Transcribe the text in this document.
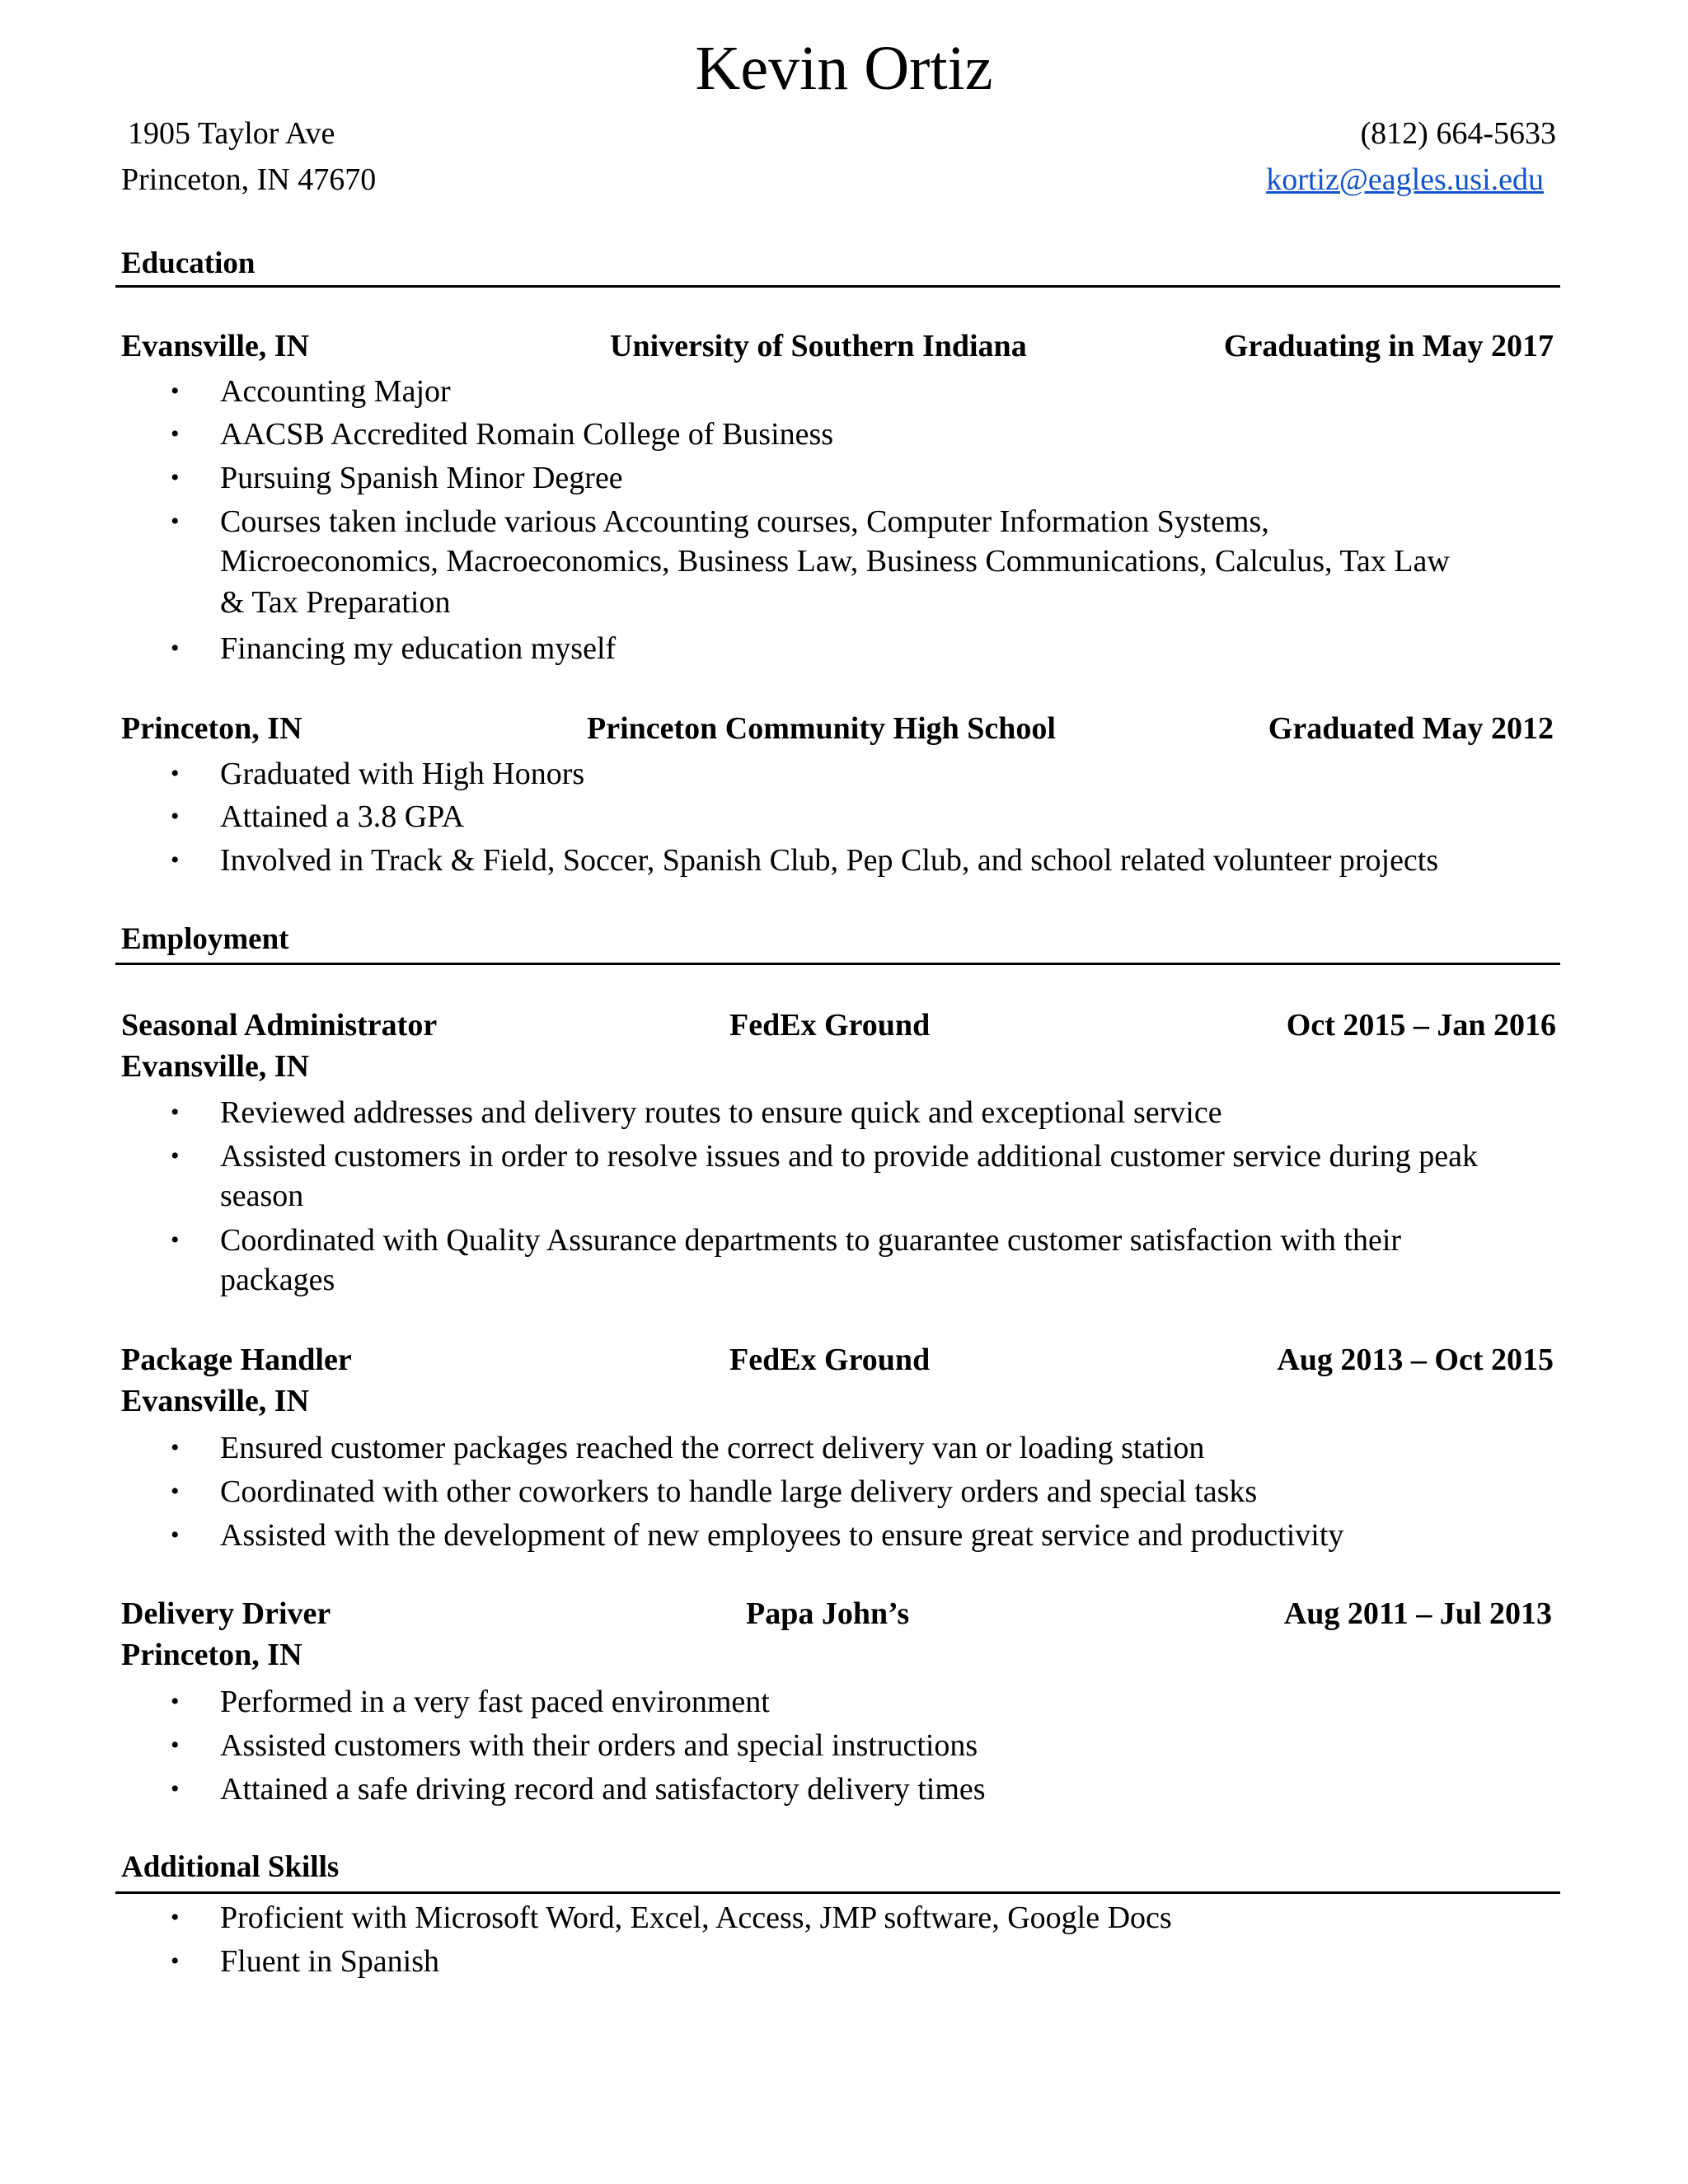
Kevin Ortiz
1905 Taylor Ave
Princeton, IN 47670
(812) 664-5633
kortiz@eagles.usi.edu
Education
Evansville, IN	University of Southern Indiana	Graduating in May 2017
• Accounting Major
• AACSB Accredited Romain College of Business
• Pursuing Spanish Minor Degree
• Courses taken include various Accounting courses, Computer Information Systems,
Microeconomics, Macroeconomics, Business Law, Business Communications, Calculus, Tax Law
& Tax Preparation
• Financing my education myself
Princeton, IN	Princeton Community High School	Graduated May 2012
• Graduated with High Honors
• Attained a 3.8 GPA
• Involved in Track & Field, Soccer, Spanish Club, Pep Club, and school related volunteer projects
Employment
Seasonal Administrator	FedEx Ground	Oct 2015 – Jan 2016
Evansville, IN
• Reviewed addresses and delivery routes to ensure quick and exceptional service
• Assisted customers in order to resolve issues and to provide additional customer service during peak
season
• Coordinated with Quality Assurance departments to guarantee customer satisfaction with their
packages
Package Handler	FedEx Ground	Aug 2013 – Oct 2015
Evansville, IN
• Ensured customer packages reached the correct delivery van or loading station
• Coordinated with other coworkers to handle large delivery orders and special tasks
• Assisted with the development of new employees to ensure great service and productivity
Delivery Driver	Papa John’s	Aug 2011 – Jul 2013
Princeton, IN
• Performed in a very fast paced environment
• Assisted customers with their orders and special instructions
• Attained a safe driving record and satisfactory delivery times
Additional Skills
• Proficient with Microsoft Word, Excel, Access, JMP software, Google Docs
• Fluent in Spanish
